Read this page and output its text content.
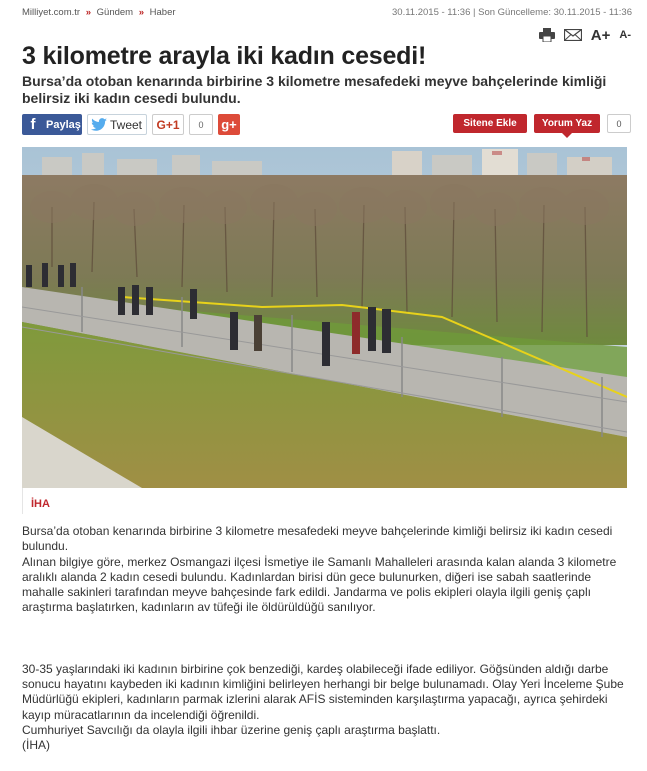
Milliyet.com.tr » Gündem » Haber	30.11.2015 - 11:36 | Son Güncelleme: 30.11.2015 - 11:36
A+ A-
3 kilometre arayla iki kadın cesedi!
Bursa’da otoban kenarında birbirine 3 kilometre mesafedeki meyve bahçelerinde kimliği belirsiz iki kadın cesedi bulundu.
f Paylaş Tweet	G+1	0	g+	Sitene Ekle	Yorum Yaz	0
İHA

Bursa’da otoban kenarında birbirine 3 kilometre mesafedeki meyve bahçelerinde kimliği belirsiz iki kadın cesedi bulundu.

Alınan bilgiye göre, merkez Osmangazi ilçesi İsmetiye ile Samanlı Mahalleleri arasında kalan alanda 3 kilometre aralıklı alanda 2 kadın cesedi bulundu. Kadınlardan birisi dün gece bulunurken, diğeri ise sabah saatlerinde mahalle sakinleri tarafından meyve bahçesinde fark edildi. Jandarma ve polis ekipleri olayla ilgili geniş çaplı araştırma başlatırken, kadınların av tüfeği ile öldürüldüğü sanılıyor.

30-35 yaşlarındaki iki kadının birbirine çok benzediği, kardeş olabileceği ifade ediliyor. Göğsünden aldığı darbe sonucu hayatını kaybeden iki kadının kimliğini belirleyen herhangi bir belge bulunamadı. Olay Yeri İnceleme Şube Müdürlüğü ekipleri, kadınların parmak izlerini alarak AFİS sisteminden karşılaştırma yapacağı, ayrıca şehirdeki kayıp müracatlarının da incelendiği öğrenildi.

Cumhuriyet Savcılığı da olayla ilgili ihbar üzerine geniş çaplı araştırma başlattı.

(İHA)
